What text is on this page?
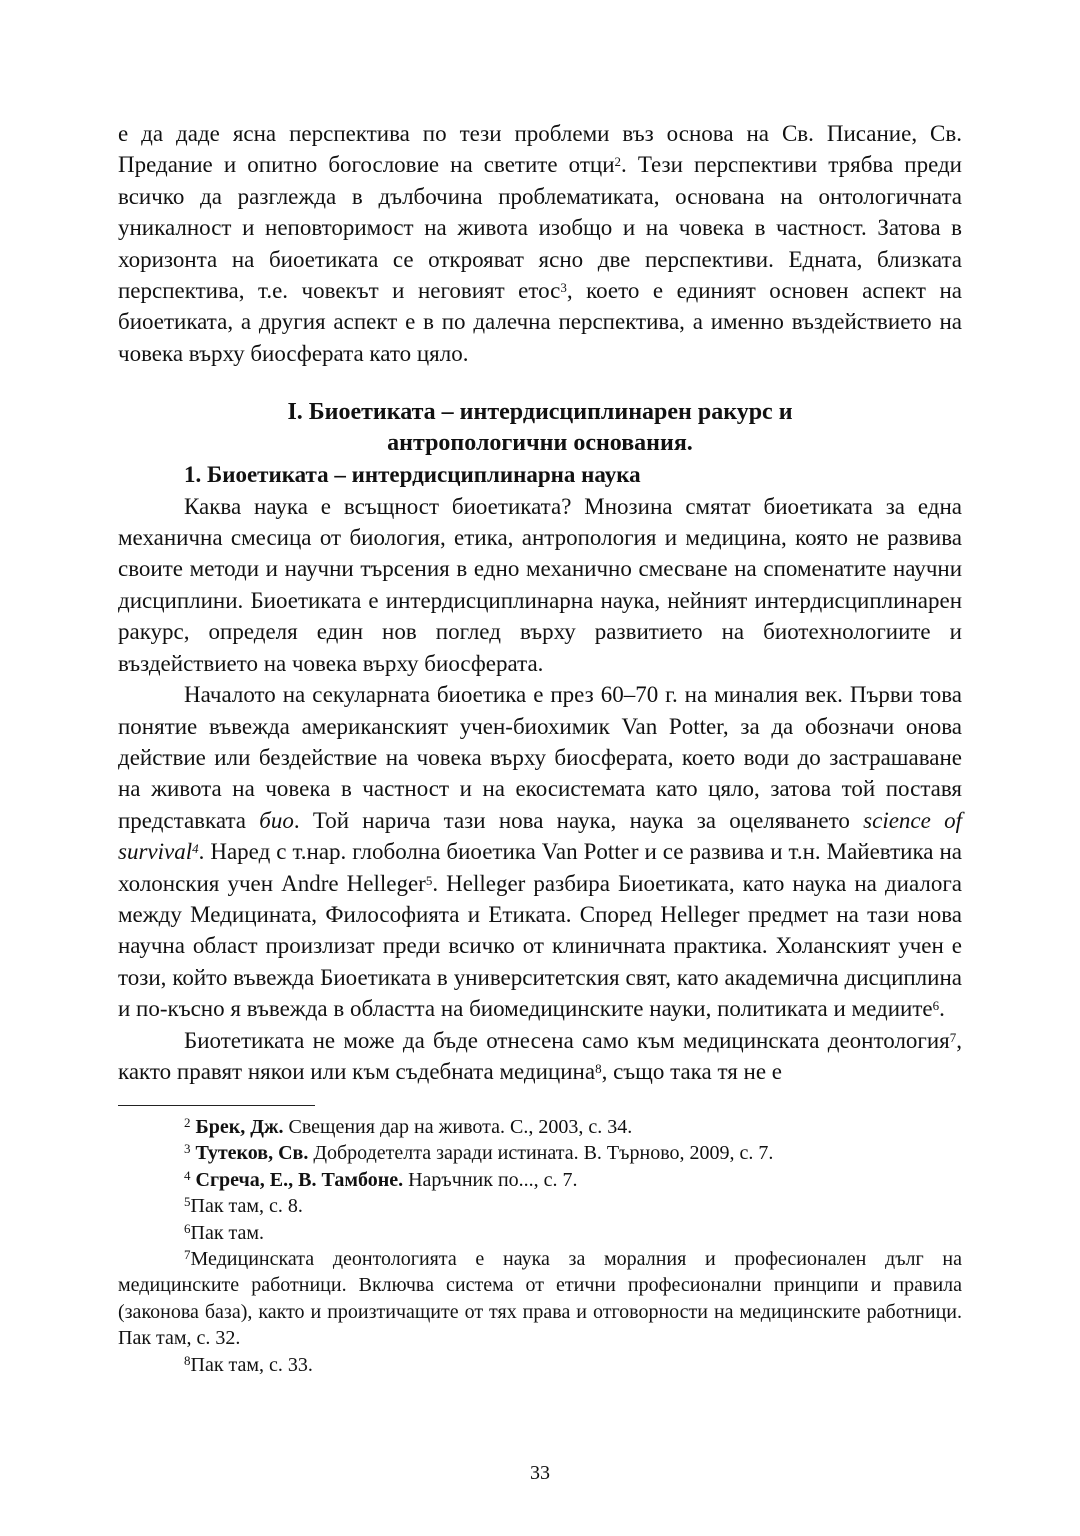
е да даде ясна перспектива по тези проблеми въз основа на Св. Писание, Св. Предание и опитно богословие на светите отци$^2$. Тези перспективи трябва преди всичко да разглежда в дълбочина проблематиката, основана на онтологичната уникалност и неповторимост на живота изобщо и на човека в частност. Затова в хоризонта на биоетиката се открояват ясно две перспективи. Едната, близката перспектива, т.е. човекът и неговият етос$^3$, което е единият основен аспект на биоетиката, а другия аспект е в по далечна перспектива, а именно въздействието на човека върху биосферата като цяло.

I. Биоетиката – интердисциплинарен ракурс и
антропологични основания.

1. Биоетиката – интердисциплинарна наука

Каква наука е всъщност биоетиката? Мнозина смятат биоетиката за една механична смесица от биология, етика, антропология и медицина, която не развива своите методи и научни търсения в едно механично смесване на споменатите научни дисциплини. Биоетиката е интердисциплинарна наука, нейният интердисциплинарен ракурс, определя един нов поглед върху развитието на биотехнологиите и въздействието на човека върху биосферата.

Началото на секуларната биоетика е през 60–70 г. на миналия век. Първи това понятие въвежда американският учен-биохимик Van Potter, за да обозначи онова действие или бездействие на човека върху биосферата, което води до застрашаване на живота на човека в частност и на екосистемата като цяло, затова той поставя представката био. Той нарича тази нова наука, наука за оцеляването science of survival$^4$. Наред с т.нар. глоболна биоетика Van Potter и се развива и т.н. Майевтика на холонския учен Andre Helleger$^5$. Helleger разбира Биоетиката, като наука на диалога между Медицината, Философията и Етиката. Според Helleger предмет на тази нова научна област произлизат преди всичко от клиничната практика. Холанският учен е този, който въвежда Биоетиката в университетския свят, като академична дисциплина и по-късно я въвежда в областта на биомедицинските науки, политиката и медиите$^6$.

Биотетиката не може да бъде отнесена само към медицинската деонтология$^7$, както правят някои или към съдебната медицина$^8$, също така тя не е

$^2$ Брек, Дж. Свещения дар на живота. С., 2003, с. 34.

$^3$ Тутеков, Св. Добродетелта заради истината. В. Търново, 2009, с. 7.

$^4$ Сгреча, Е., В. Тамбоне. Наръчник по..., с. 7.

$^5$Пак там, с. 8.

$^6$Пак там.

$^7$Медицинската деонтологията е наука за моралния и професионален дълг на медицинските работници. Включва система от етични професионални принципи и правила (законова база), както и произтичащите от тях права и отговорности на медицинските работници. Пак там, с. 32.

$^8$Пак там, с. 33.

33
